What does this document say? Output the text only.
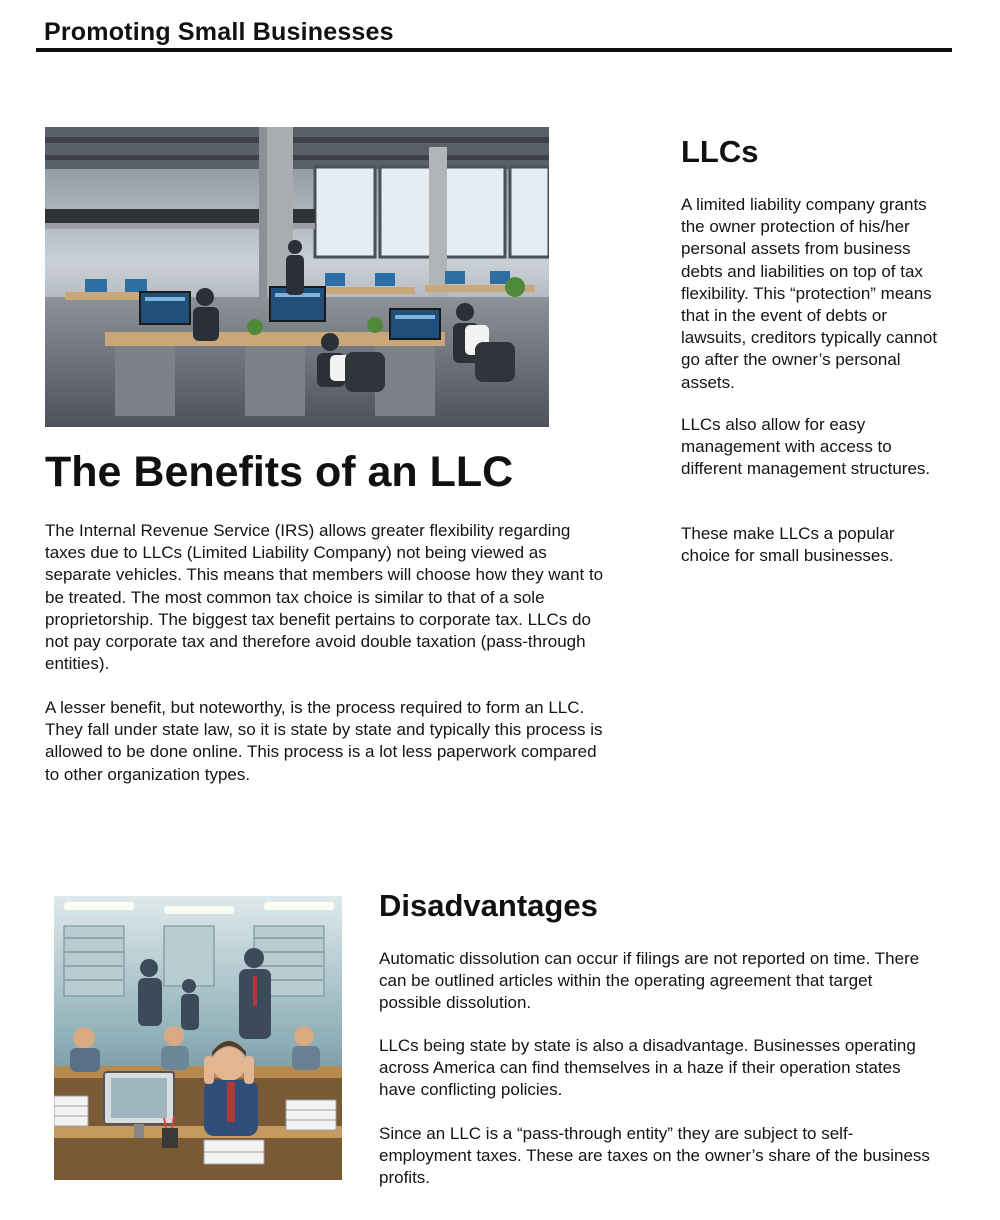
Promoting Small Businesses
The Benefits of an LLC

The Internal Revenue Service (IRS) allows greater flexibility regarding taxes due to LLCs (Limited Liability Company) not being viewed as separate vehicles. This means that members will choose how they want to be treated. The most common tax choice is similar to that of a sole proprietorship. The biggest tax benefit pertains to corporate tax. LLCs do not pay corporate tax and therefore avoid double taxation (pass-through entities).

A lesser benefit, but noteworthy, is the process required to form an LLC. They fall under state law, so it is state by state and typically this process is allowed to be done online. This process is a lot less paperwork compared to other organization types.

LLCs

A limited liability company grants the owner protection of his/her personal assets from business debts and liabilities on top of tax flexibility. This “protection” means that in the event of debts or lawsuits, creditors typically cannot go after the owner’s personal assets.

LLCs also allow for easy management with access to different management structures.

These make LLCs a popular choice for small businesses.

Disadvantages

Automatic dissolution can occur if filings are not reported on time. There can be outlined articles within the operating agreement that target possible dissolution.

LLCs being state by state is also a disadvantage. Businesses operating across America can find themselves in a haze if their operation states have conflicting policies.

Since an LLC is a “pass-through entity” they are subject to self-employment taxes. These are taxes on the owner’s share of the business profits.
